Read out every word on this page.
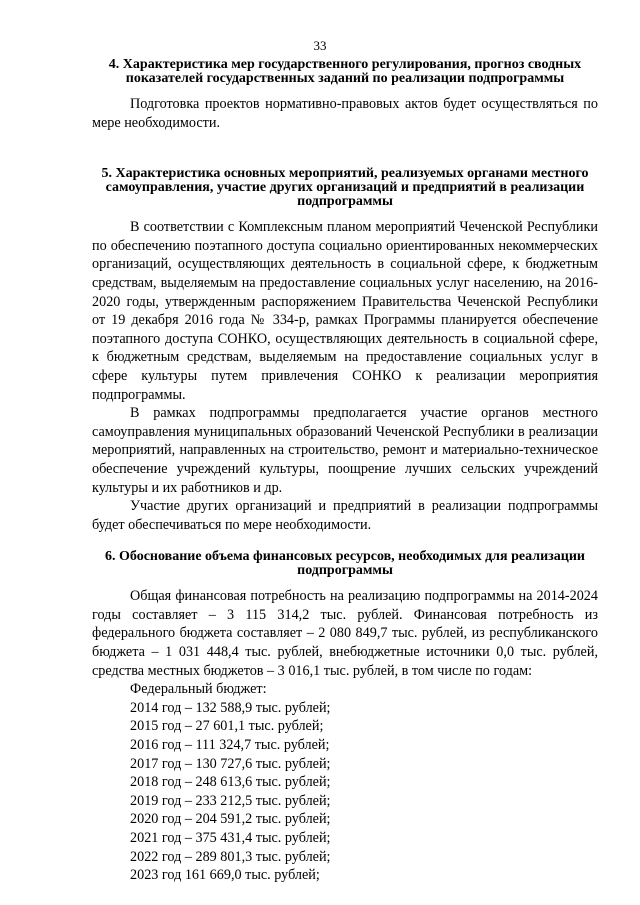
33
4. Характеристика мер государственного регулирования, прогноз сводных показателей государственных заданий по реализации подпрограммы

Подготовка проектов нормативно-правовых актов будет осуществляться по мере необходимости.

5. Характеристика основных мероприятий, реализуемых органами местного самоуправления, участие других организаций и предприятий в реализации подпрограммы

В соответствии с Комплексным планом мероприятий Чеченской Республики по обеспечению поэтапного доступа социально ориентированных некоммерческих организаций, осуществляющих деятельность в социальной сфере, к бюджетным средствам, выделяемым на предоставление социальных услуг населению, на 2016-2020 годы, утвержденным распоряжением Правительства Чеченской Республики от 19 декабря 2016 года № 334-р, рамках Программы планируется обеспечение поэтапного доступа СОНКО, осуществляющих деятельность в социальной сфере, к бюджетным средствам, выделяемым на предоставление социальных услуг в сфере культуры путем привлечения СОНКО к реализации мероприятия подпрограммы.

В рамках подпрограммы предполагается участие органов местного самоуправления муниципальных образований Чеченской Республики в реализации мероприятий, направленных на строительство, ремонт и материально-техническое обеспечение учреждений культуры, поощрение лучших сельских учреждений культуры и их работников и др.

Участие других организаций и предприятий в реализации подпрограммы будет обеспечиваться по мере необходимости.

6. Обоснование объема финансовых ресурсов, необходимых для реализации подпрограммы

Общая финансовая потребность на реализацию подпрограммы на 2014-2024 годы составляет – 3 115 314,2 тыс. рублей. Финансовая потребность из федерального бюджета составляет – 2 080 849,7 тыс. рублей, из республиканского бюджета – 1 031 448,4 тыс. рублей, внебюджетные источники 0,0 тыс. рублей, средства местных бюджетов – 3 016,1 тыс. рублей, в том числе по годам:

Федеральный бюджет:
2014 год – 132 588,9 тыс. рублей;
2015 год – 27 601,1 тыс. рублей;
2016 год – 111 324,7 тыс. рублей;
2017 год – 130 727,6 тыс. рублей;
2018 год – 248 613,6 тыс. рублей;
2019 год – 233 212,5 тыс. рублей;
2020 год – 204 591,2 тыс. рублей;
2021 год – 375 431,4 тыс. рублей;
2022 год – 289 801,3 тыс. рублей;
2023 год 161 669,0 тыс. рублей;
